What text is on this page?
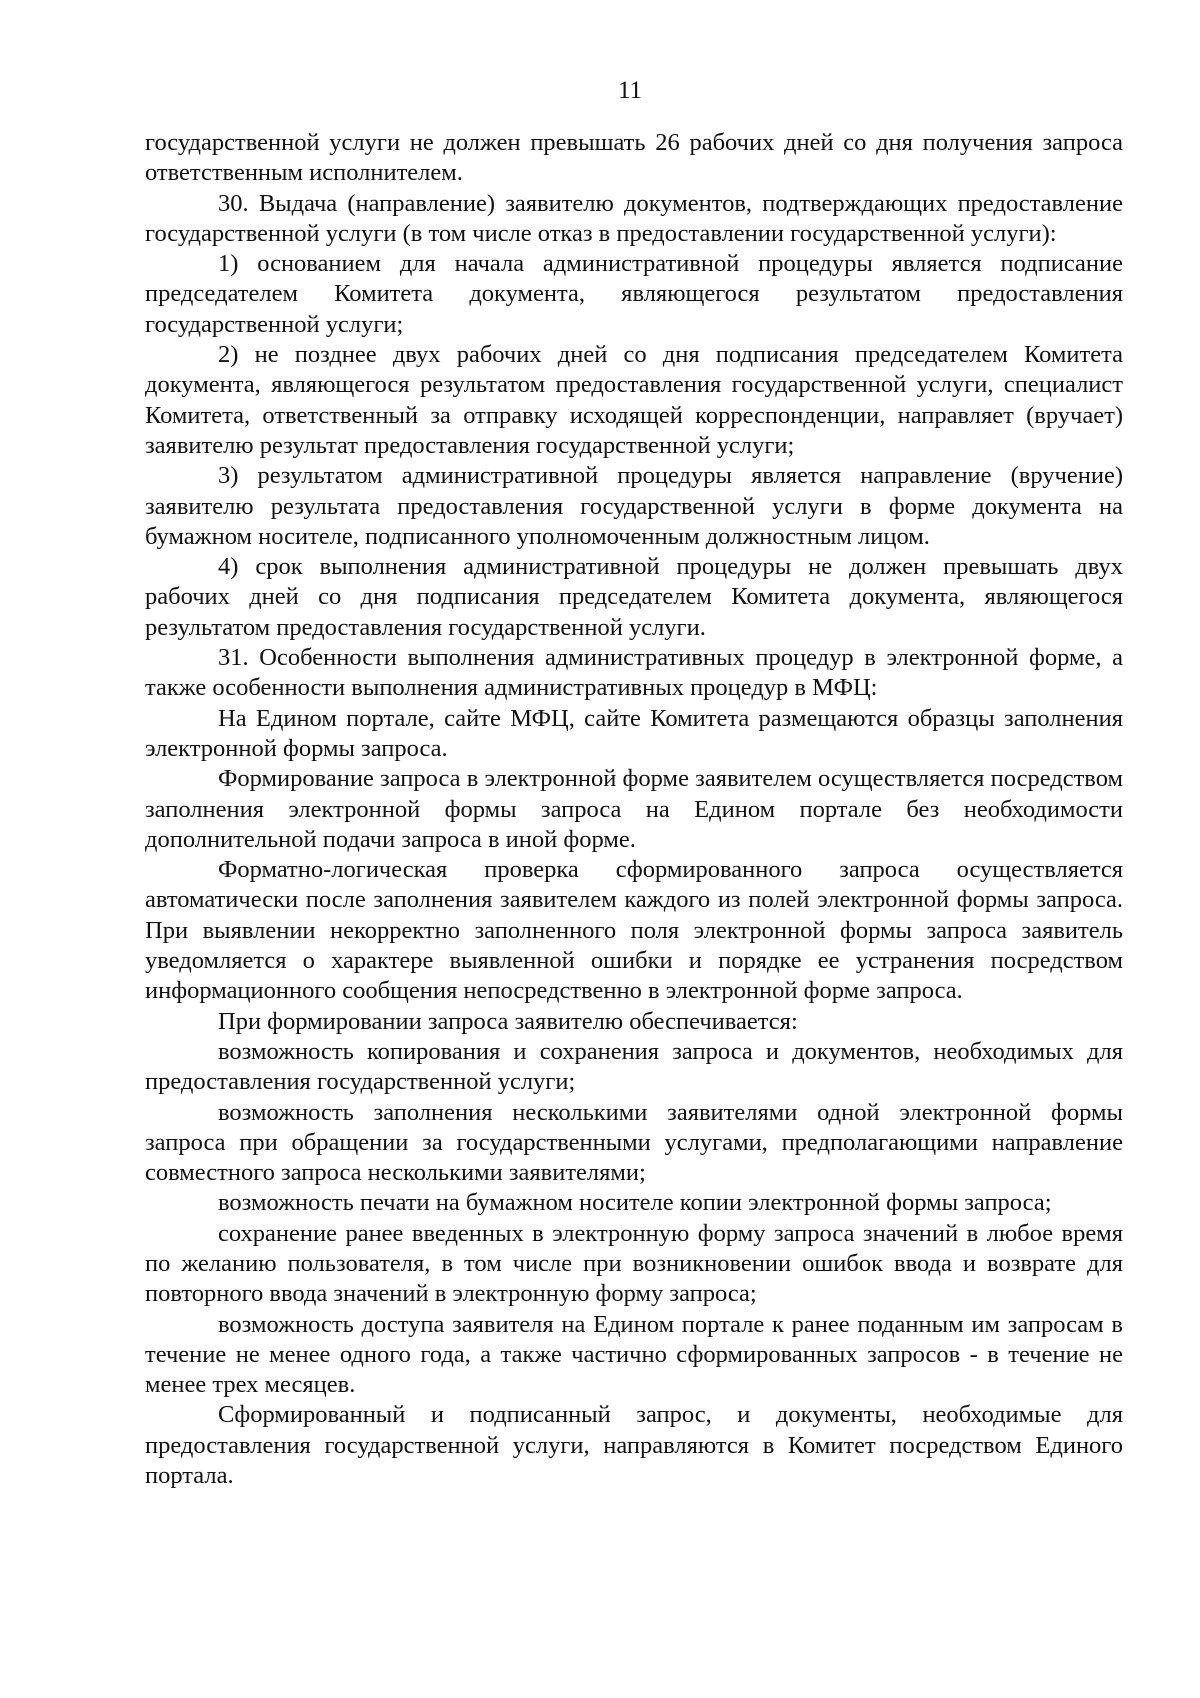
11

государственной услуги не должен превышать 26 рабочих дней со дня получения запроса ответственным исполнителем.

30. Выдача (направление) заявителю документов, подтверждающих предоставление государственной услуги (в том числе отказ в предоставлении государственной услуги):

1) основанием для начала административной процедуры является подписание председателем Комитета документа, являющегося результатом предоставления государственной услуги;

2) не позднее двух рабочих дней со дня подписания председателем Комитета документа, являющегося результатом предоставления государственной услуги, специалист Комитета, ответственный за отправку исходящей корреспонденции, направляет (вручает) заявителю результат предоставления государственной услуги;

3) результатом административной процедуры является направление (вручение) заявителю результата предоставления государственной услуги в форме документа на бумажном носителе, подписанного уполномоченным должностным лицом.

4) срок выполнения административной процедуры не должен превышать двух рабочих дней со дня подписания председателем Комитета документа, являющегося результатом предоставления государственной услуги.

31. Особенности выполнения административных процедур в электронной форме, а также особенности выполнения административных процедур в МФЦ:

На Едином портале, сайте МФЦ, сайте Комитета размещаются образцы заполнения электронной формы запроса.

Формирование запроса в электронной форме заявителем осуществляется посредством заполнения электронной формы запроса на Едином портале без необходимости дополнительной подачи запроса в иной форме.

Форматно-логическая проверка сформированного запроса осуществляется автоматически после заполнения заявителем каждого из полей электронной формы запроса. При выявлении некорректно заполненного поля электронной формы запроса заявитель уведомляется о характере выявленной ошибки и порядке ее устранения посредством информационного сообщения непосредственно в электронной форме запроса.

При формировании запроса заявителю обеспечивается:

возможность копирования и сохранения запроса и документов, необходимых для предоставления государственной услуги;

возможность заполнения несколькими заявителями одной электронной формы запроса при обращении за государственными услугами, предполагающими направление совместного запроса несколькими заявителями;

возможность печати на бумажном носителе копии электронной формы запроса;

сохранение ранее введенных в электронную форму запроса значений в любое время по желанию пользователя, в том числе при возникновении ошибок ввода и возврате для повторного ввода значений в электронную форму запроса;

возможность доступа заявителя на Едином портале к ранее поданным им запросам в течение не менее одного года, а также частично сформированных запросов - в течение не менее трех месяцев.

Сформированный и подписанный запрос, и документы, необходимые для предоставления государственной услуги, направляются в Комитет посредством Единого портала.
